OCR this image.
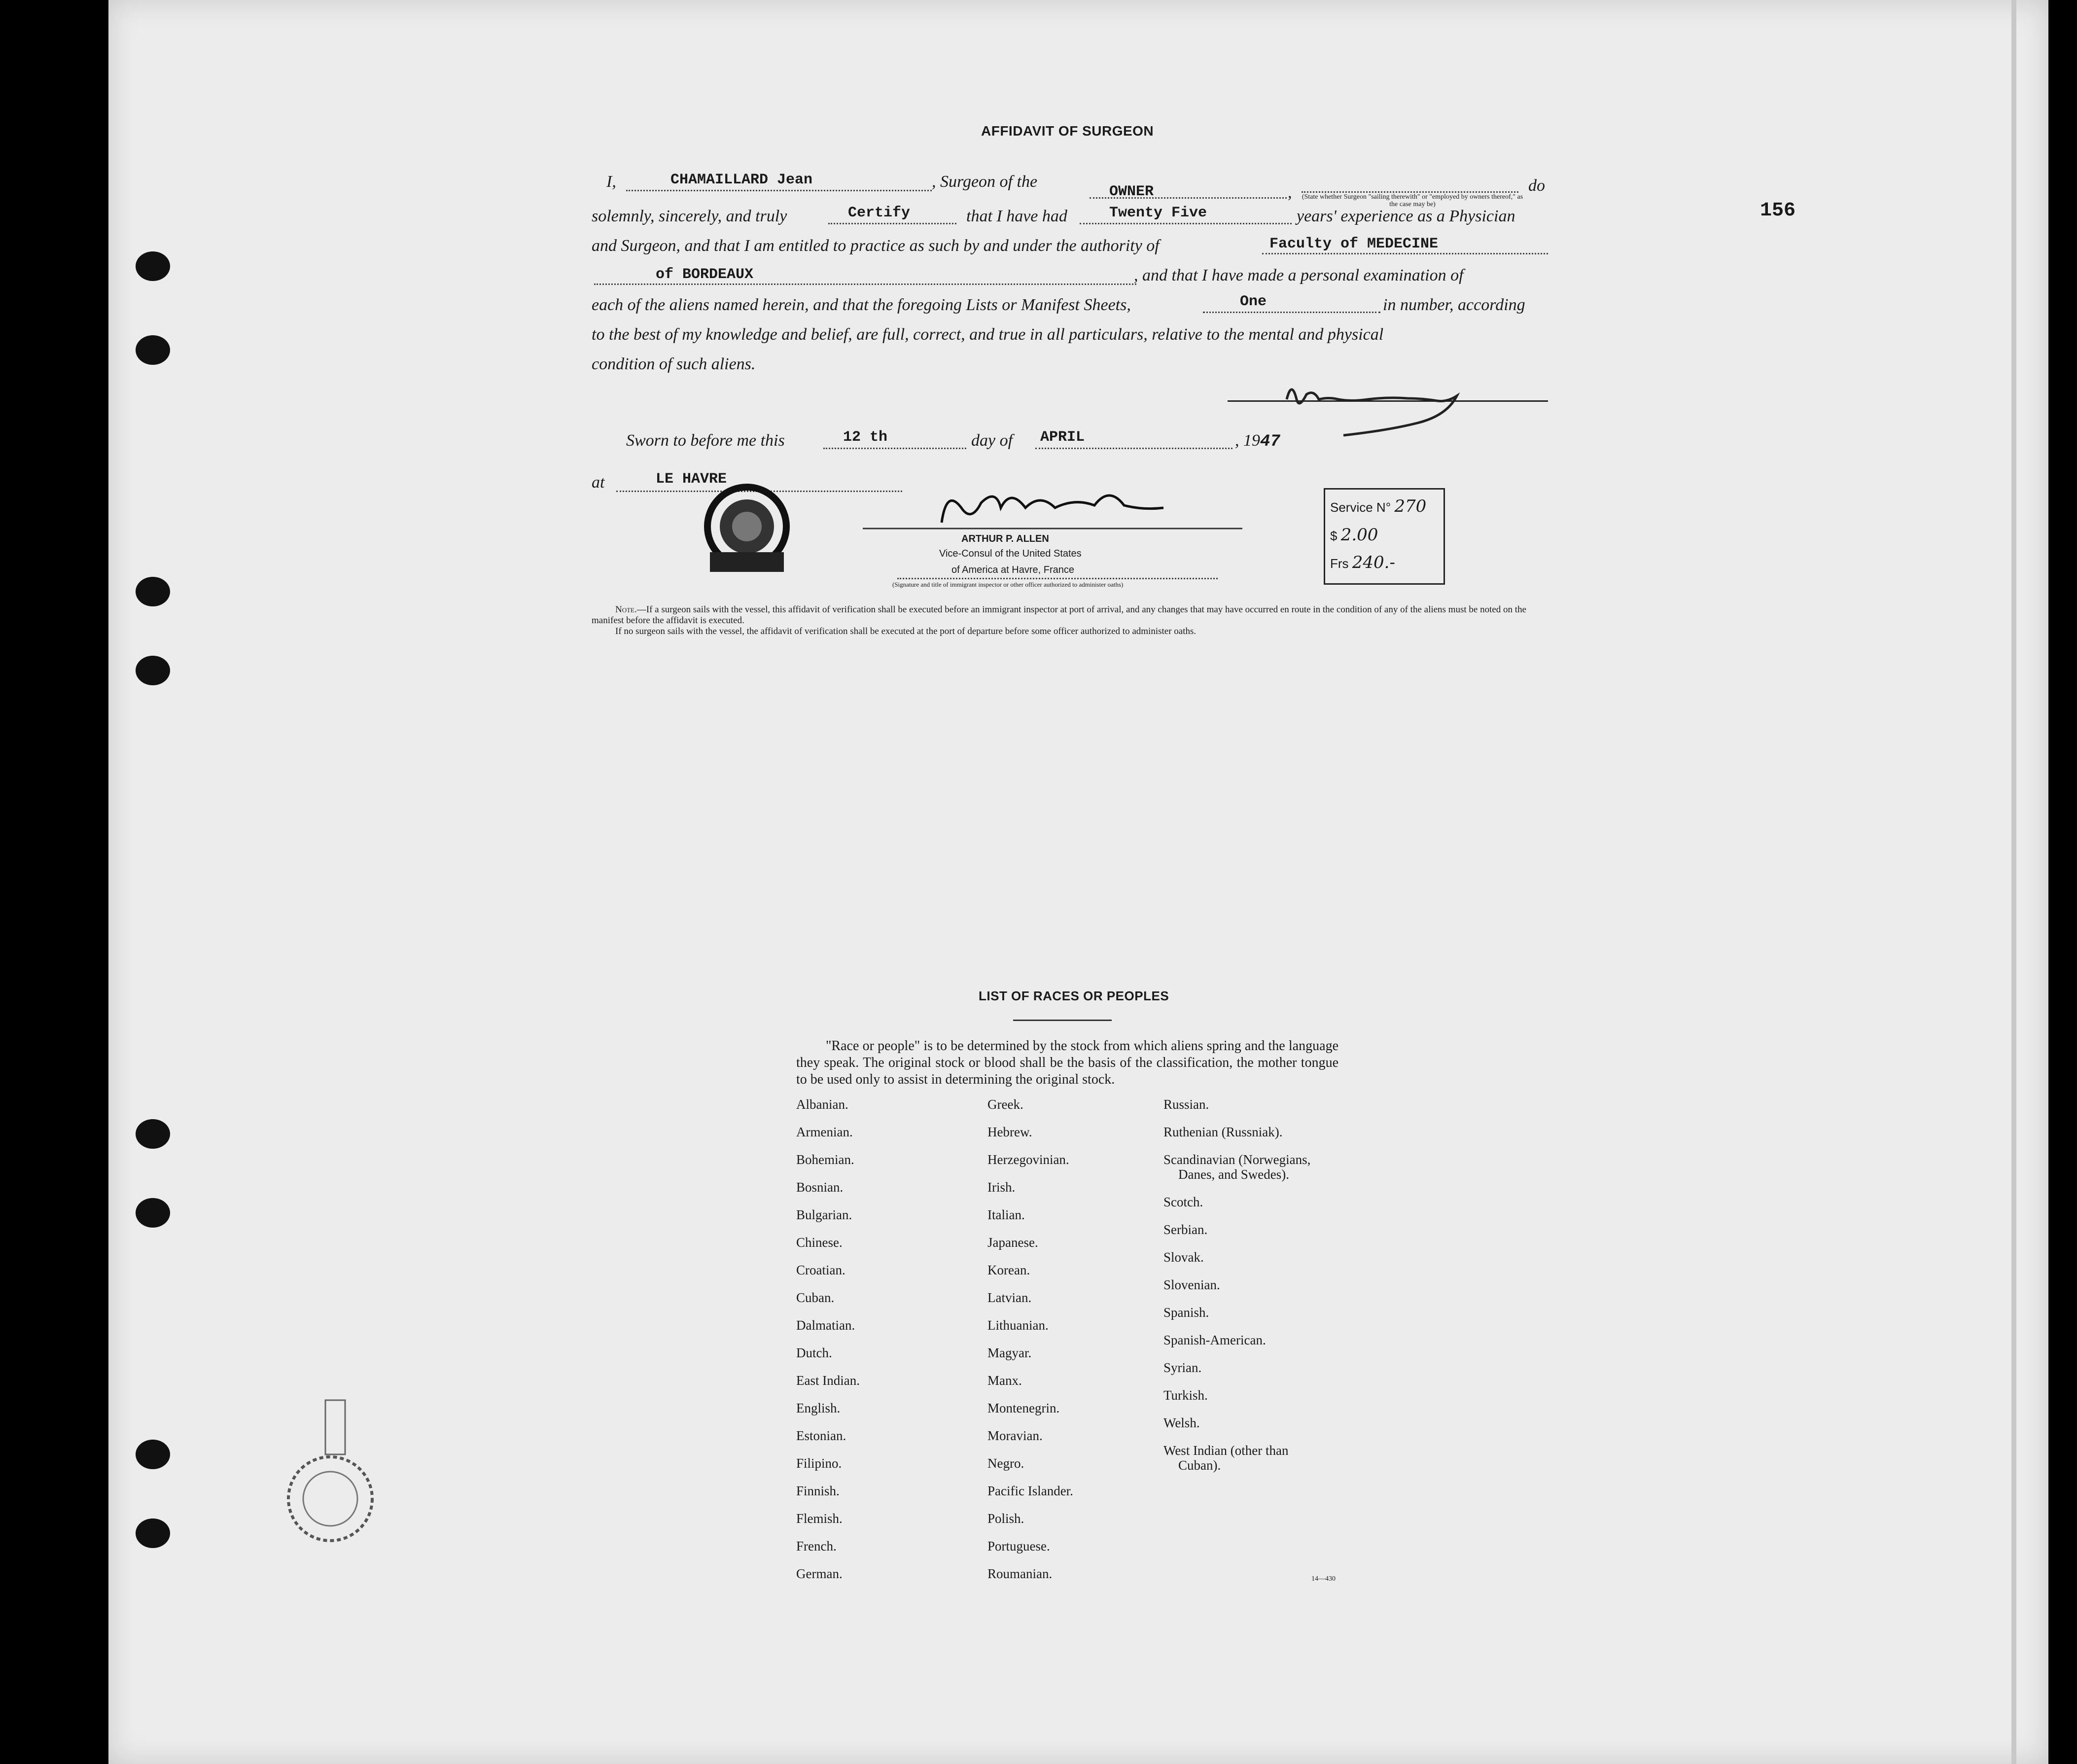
156
AFFIDAVIT OF SURGEON
I,	CHAMAILLARD Jean	, Surgeon of the
OWNER	, (State whether Surgeon "sailing therewith" or "employed by owners thereof," as the case may be)
do
solemnly, sincerely, and truly	Certify	that I have had	Twenty Five	years' experience as a Physician
and Surgeon, and that I am entitled to practice as such by and under the authority of	Faculty of MEDECINE
of BORDEAUX	, and that I have made a personal examination of
each of the aliens named herein, and that the foregoing Lists or Manifest Sheets,	One	in number, according
to the best of my knowledge and belief, are full, correct, and true in all particulars, relative to the mental and physical
condition of such aliens.
Sworn to before me this	12 th	day of APRIL	, 1947
at	LE HAVRE
ARTHUR P. ALLEN
Vice-Consul of the United States
of America at Havre, France
(Signature and title of immigrant inspector or other officer authorized to administer oaths)
Service N° 270
$ 2.00
Frs 240.-
Note.—If a surgeon sails with the vessel, this affidavit of verification shall be executed before an immigrant inspector at port of arrival, and any changes that may have occurred en route in the condition of any of the aliens must be noted on the manifest before the affidavit is executed.
If no surgeon sails with the vessel, the affidavit of verification shall be executed at the port of departure before some officer authorized to administer oaths.
LIST OF RACES OR PEOPLES
"Race or people" is to be determined by the stock from which aliens spring and the language they speak. The original stock or blood shall be the basis of the classification, the mother tongue to be used only to assist in determining the original stock.
Albanian.
Armenian.
Bohemian.
Bosnian.
Bulgarian.
Chinese.
Croatian.
Cuban.
Dalmatian.
Dutch.
East Indian.
English.
Estonian.
Filipino.
Finnish.
Flemish.
French.
German.
Greek.
Hebrew.
Herzegovinian.
Irish.
Italian.
Japanese.
Korean.
Latvian.
Lithuanian.
Magyar.
Manx.
Montenegrin.
Moravian.
Negro.
Pacific Islander.
Polish.
Portuguese.
Roumanian.
Russian.
Ruthenian (Russniak).
Scandinavian (Norwegians,
Danes, and Swedes).
Scotch.
Serbian.
Slovak.
Slovenian.
Spanish.
Spanish-American.
Syrian.
Turkish.
Welsh.
West Indian (other than
Cuban).
14—430
